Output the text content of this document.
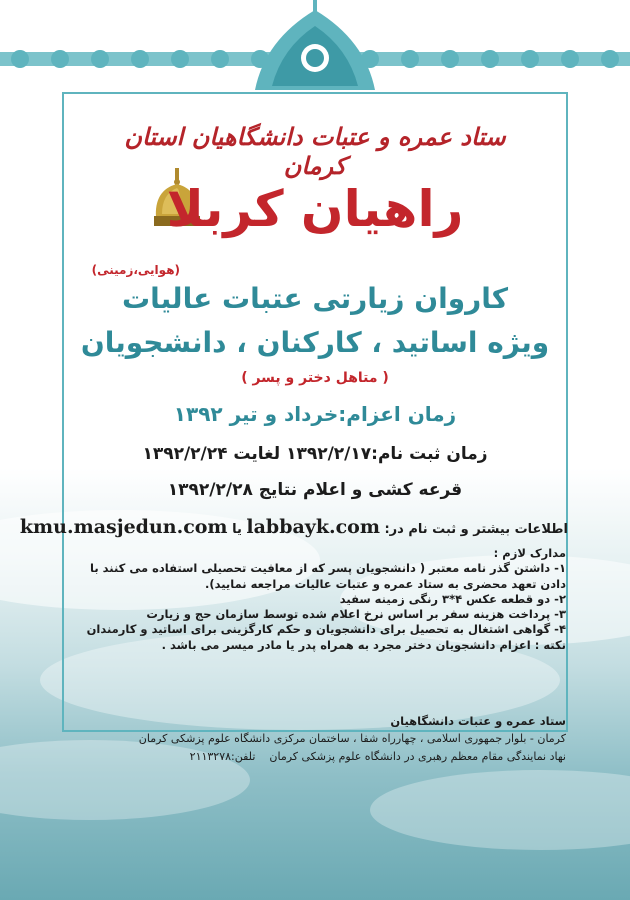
ستاد عمره و عتبات دانشگاهیان استان کرمان
راهیان کربلا
(هوایی،زمینی)
کاروان زیارتی عتبات عالیات
ویژه اساتید ، کارکنان ، دانشجویان
( متاهل دختر و پسر )
زمان اعزام:خرداد و تیر ۱۳۹۲
زمان ثبت نام:۱۳۹۲/۲/۱۷ لغایت ۱۳۹۲/۲/۲۴
قرعه کشی و اعلام نتایج ۱۳۹۲/۲/۲۸
اطلاعات بیشتر و ثبت نام در: labbayk.com یا kmu.masjedun.com

مدارک لازم :

۱- داشتن گذر نامه معتبر ( دانشجویان پسر که از معافیت تحصیلی استفاده می کنند با دادن تعهد محضری به ستاد عمره و عتبات عالیات مراجعه نمایید).

۲- دو قطعه عکس ۴*۳ رنگی زمینه سفید

۳- پرداخت هزینه سفر بر اساس نرخ اعلام شده توسط سازمان حج و زیارت

۴- گواهی اشتغال به تحصیل برای دانشجویان و حکم کارگزینی برای اساتید و کارمندان

نکته : اعزام دانشجویان دختر مجرد به همراه پدر یا مادر میسر می باشد .

ستاد عمره و عتبات دانشگاهیان

کرمان - بلوار جمهوری اسلامی ، چهارراه شفا ، ساختمان مرکزی دانشگاه علوم پزشکی کرمان

نهاد نمایندگی مقام معظم رهبری در دانشگاه علوم پزشکی کرمان    تلفن:۲۱۱۳۲۷۸
